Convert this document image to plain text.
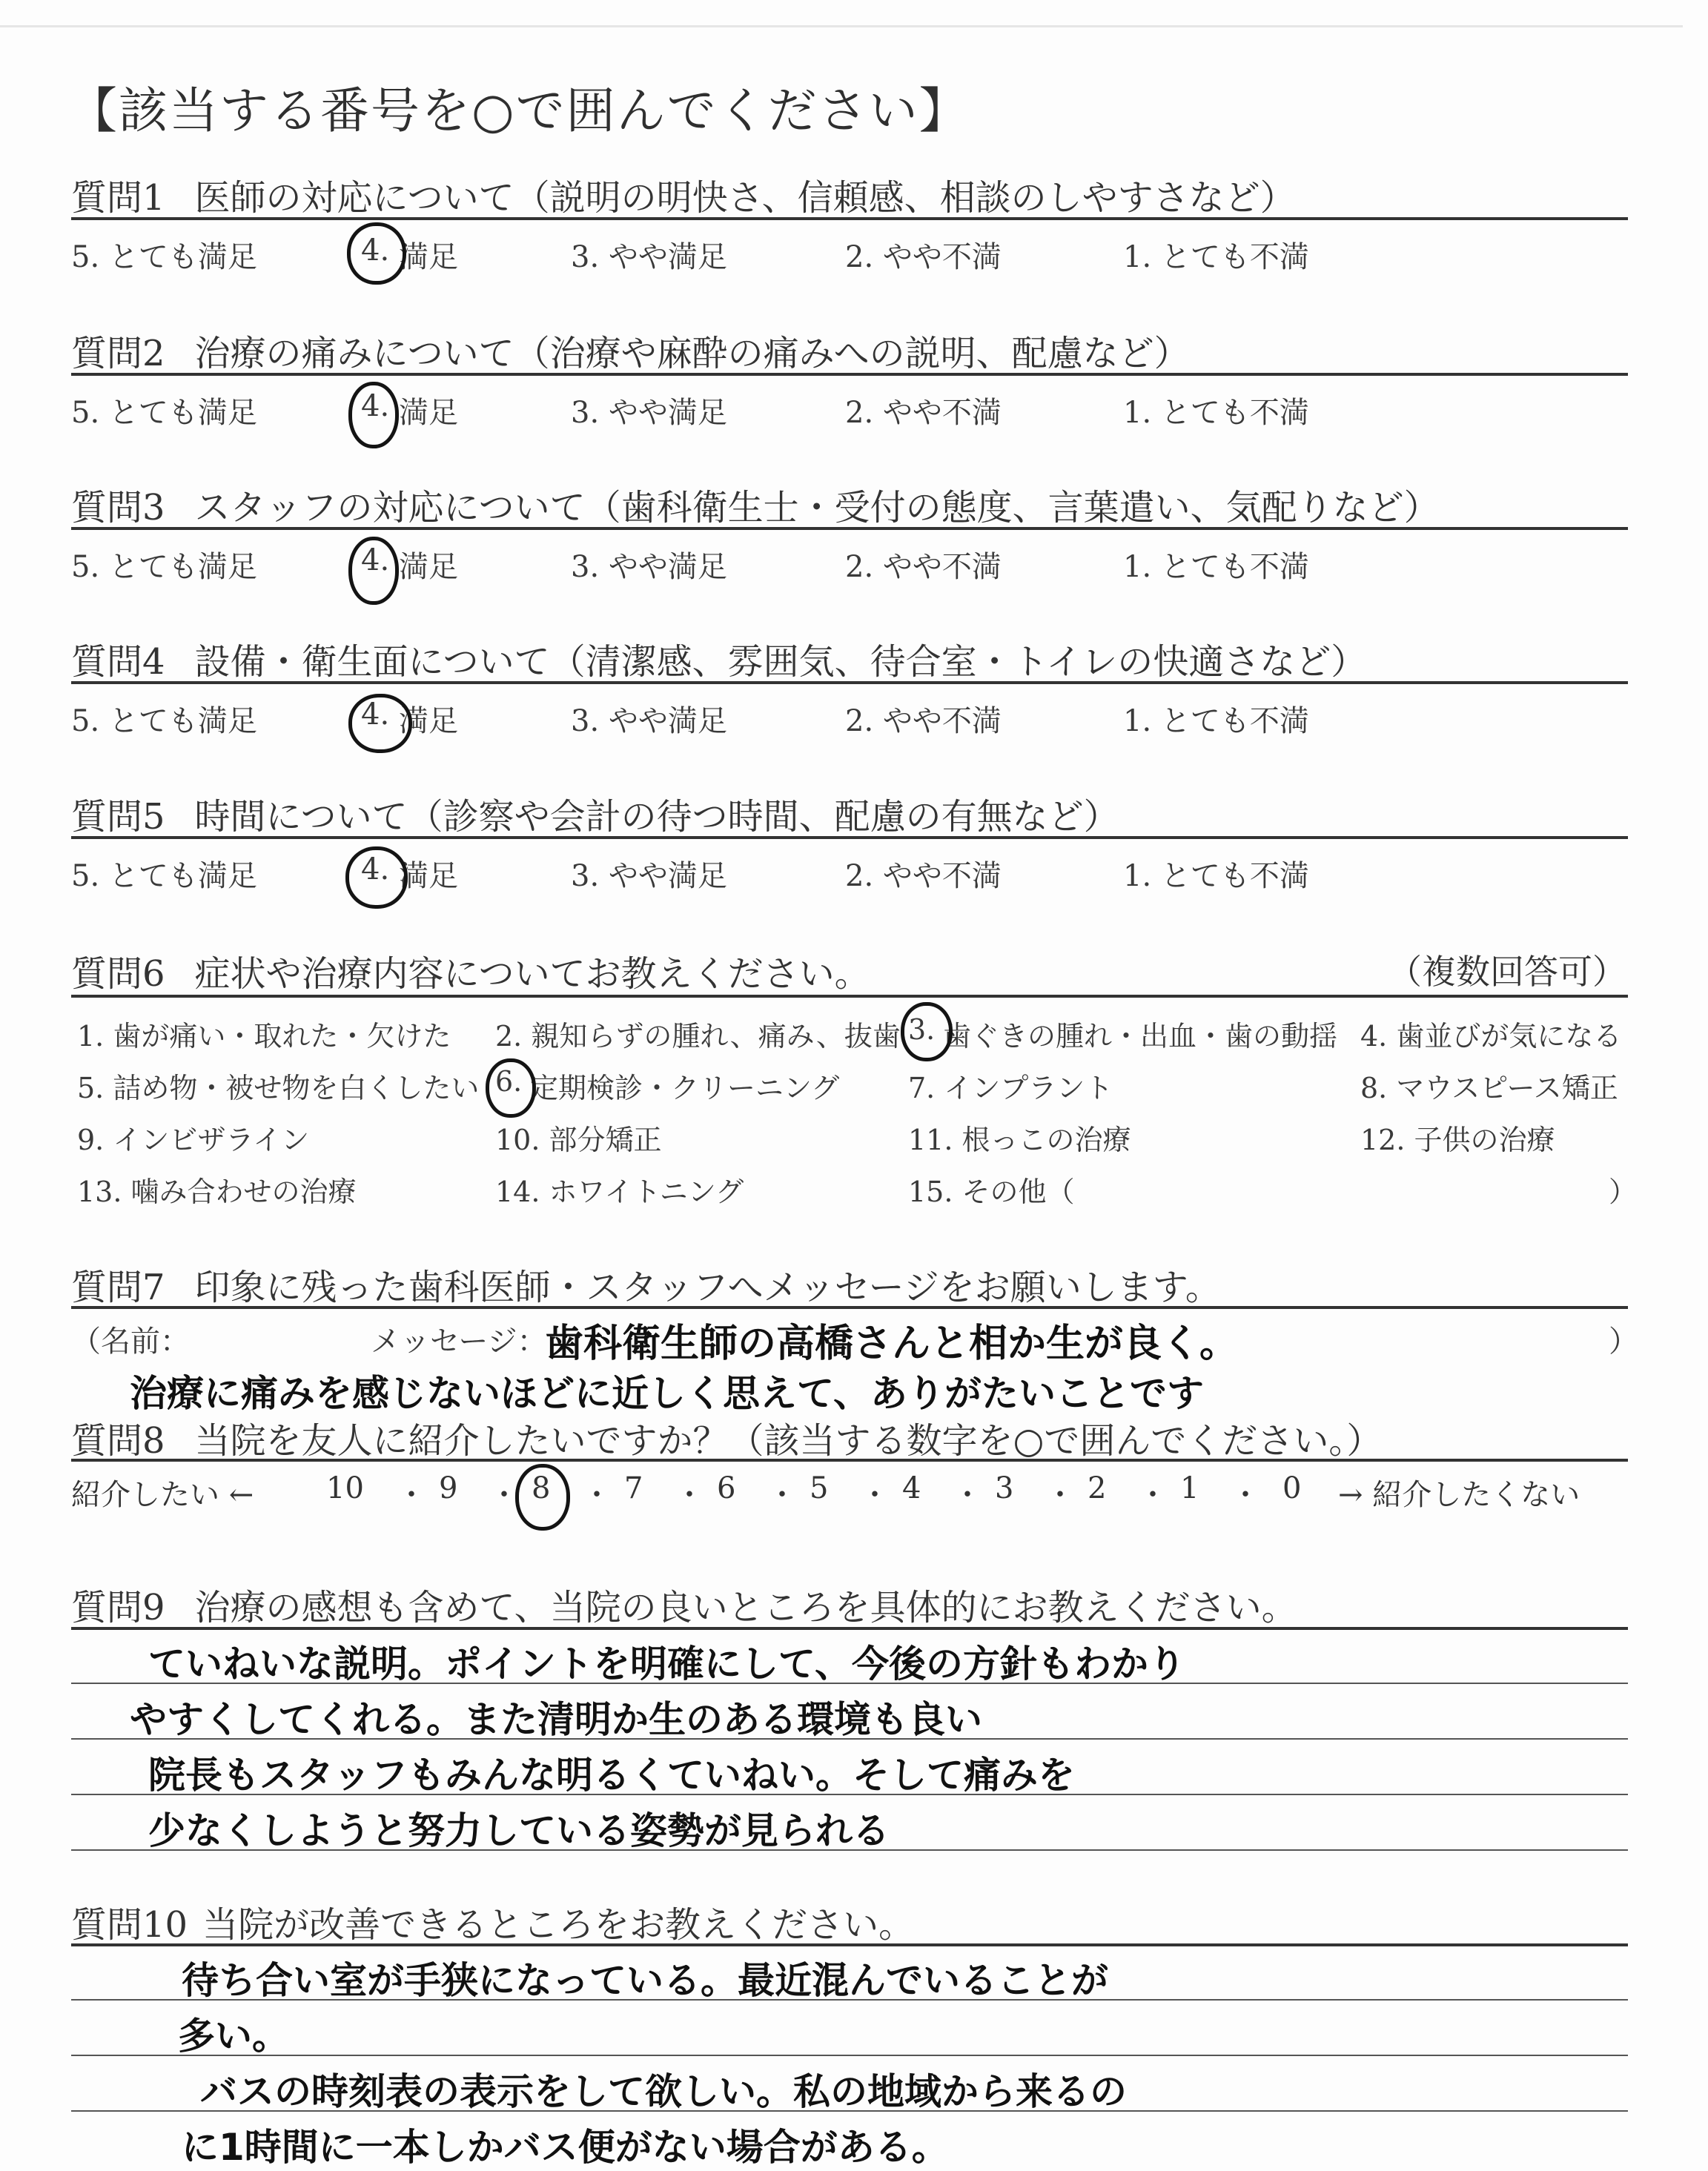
【該当する番号を○で囲んでください】
質問1 医師の対応について（説明の明快さ、信頼感、相談のしやすさなど）
5. とても満足	4. 満足	3. やや満足	2. やや不満	1. とても不満
質問2 治療の痛みについて（治療や麻酔の痛みへの説明、配慮など）
5. とても満足	4. 満足	3. やや満足	2. やや不満	1. とても不満
質問3 スタッフの対応について（歯科衛生士・受付の態度、言葉遣い、気配りなど）
5. とても満足	4. 満足	3. やや満足	2. やや不満	1. とても不満
質問4 設備・衛生面について（清潔感、雰囲気、待合室・トイレの快適さなど）
5. とても満足	4. 満足	3. やや満足	2. やや不満	1. とても不満
質問5 時間について（診察や会計の待つ時間、配慮の有無など）
5. とても満足	4. 満足	3. やや満足	2. やや不満	1. とても不満
質問6 症状や治療内容についてお教えください。	（複数回答可）
1. 歯が痛い・取れた・欠けた 2. 親知らずの腫れ、痛み、抜歯 3. 歯ぐきの腫れ・出血・歯の動揺 4. 歯並びが気になる
5. 詰め物・被せ物を白くしたい 6. 定期検診・クリーニング 7. インプラント	8. マウスピース矯正
9. インビザライン	10. 部分矯正	11. 根っこの治療	12. 子供の治療
13. 噛み合わせの治療	14. ホワイトニング	15. その他（	）
質問7 印象に残った歯科医師・スタッフへメッセージをお願いします。
（名前：	メッセージ：	）
歯科衛生師の高橋さんと相か生が良く。
治療に痛みを感じないほどに近しく思えて、ありがたいことです
質問8 当院を友人に紹介したいですか？（該当する数字を○で囲んでください。）
紹介したい ← 10 ・ 9 ・ 8 ・ 7 ・ 6 ・ 5 ・ 4 ・ 3 ・ 2 ・ 1 ・ 0 → 紹介したくない
質問9 治療の感想も含めて、当院の良いところを具体的にお教えください。
ていねいな説明。ポイントを明確にして、今後の方針もわかり
やすくしてくれる。また清明か生のある環境も良い
院長もスタッフもみんな明るくていねい。そして痛みを
少なくしようと努力している姿勢が見られる
質問10 当院が改善できるところをお教えください。
待ち合い室が手狭になっている。最近混んでいることが
多い。
バスの時刻表の表示をして欲しい。私の地域から来るの
に1時間に一本しかバス便がない場合がある。
